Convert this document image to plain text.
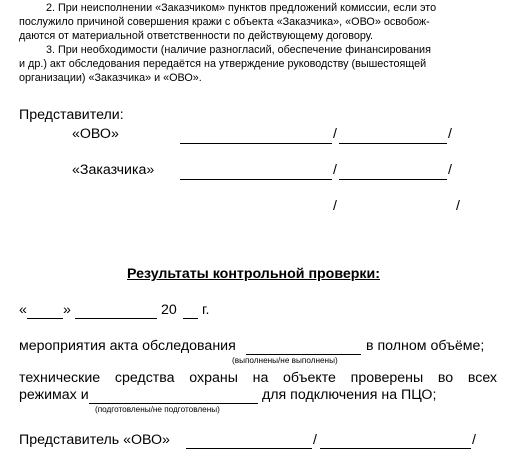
2. При неисполнении «Заказчиком» пунктов предложений комиссии, если это
послужило причиной совершения кражи с объекта «Заказчика», «ОВО» освобож-
даются от материальной ответственности по действующему договору.
3. При необходимости (наличие разногласий, обеспечение финансирования
и др.) акт обследования передаётся на утверждение руководству (вышестоящей
организации) «Заказчика» и «ОВО».
Представители:
«ОВО»	/	/
«Заказчика»	/	/
/	/
Результаты контрольной проверки:
«	»	20 г.
мероприятия акта обследования	в полном объёме;
(выполнены/не выполнены)
технические средства охраны на объекте проверены во всех
режимах и	для подключения на ПЦО;
(подготовлены/не подготовлены)
Представитель «ОВО»	/	/
